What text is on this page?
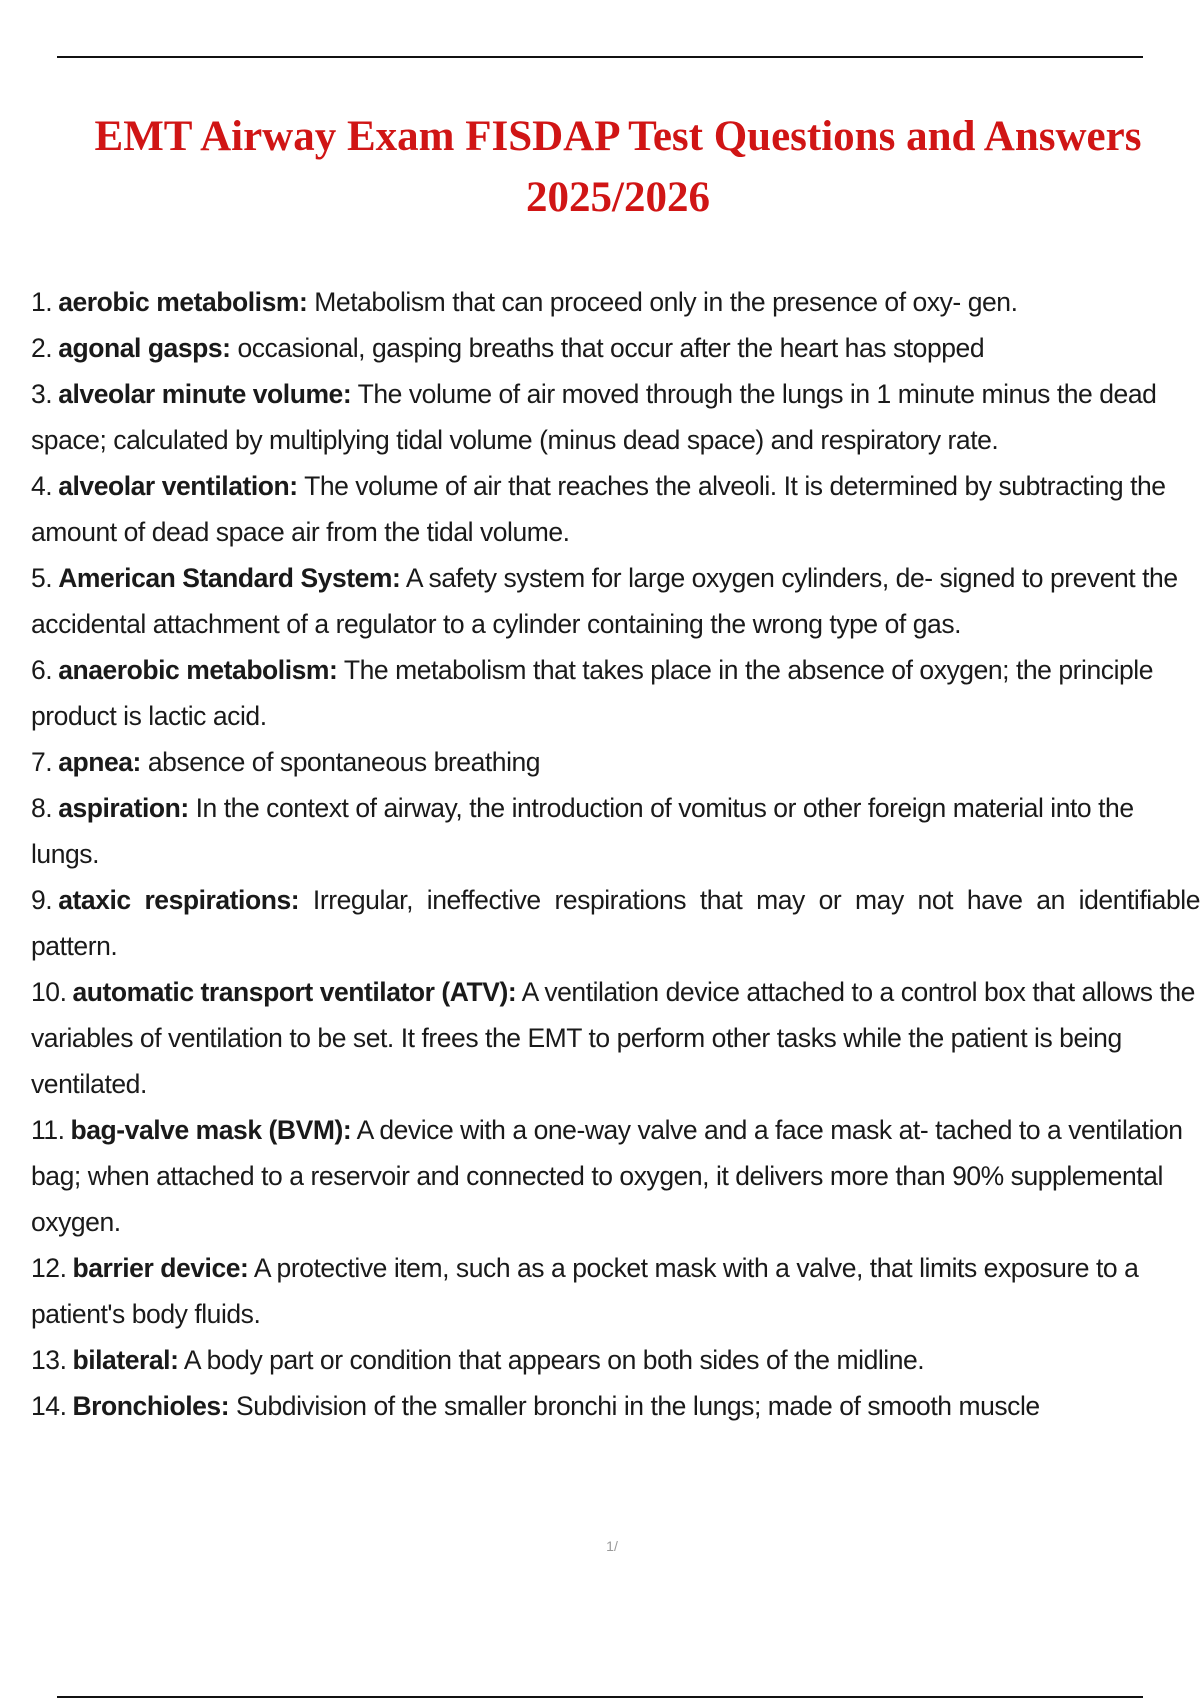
EMT Airway Exam FISDAP Test Questions and Answers
2025/2026
1. aerobic metabolism: Metabolism that can proceed only in the presence of oxy- gen.
2. agonal gasps: occasional, gasping breaths that occur after the heart has stopped
3. alveolar minute volume: The volume of air moved through the lungs in 1 minute minus the dead space; calculated by multiplying tidal volume (minus dead space) and respiratory rate.
4. alveolar ventilation: The volume of air that reaches the alveoli. It is determined by subtracting the amount of dead space air from the tidal volume.
5. American Standard System: A safety system for large oxygen cylinders, de- signed to prevent the accidental attachment of a regulator to a cylinder containing the wrong type of gas.
6. anaerobic metabolism: The metabolism that takes place in the absence of oxygen; the principle product is lactic acid.
7. apnea: absence of spontaneous breathing
8. aspiration: In the context of airway, the introduction of vomitus or other foreign material into the lungs.
9. ataxic respirations: Irregular, ineffective respirations that may or may not have an identifiable pattern.
10. automatic transport ventilator (ATV): A ventilation device attached to a control box that allows the variables of ventilation to be set. It frees the EMT to perform other tasks while the patient is being ventilated.
11. bag-valve mask (BVM): A device with a one-way valve and a face mask at- tached to a ventilation bag; when attached to a reservoir and connected to oxygen, it delivers more than 90% supplemental oxygen.
12. barrier device: A protective item, such as a pocket mask with a valve, that limits exposure to a patient's body fluids.
13. bilateral: A body part or condition that appears on both sides of the midline.
14. Bronchioles: Subdivision of the smaller bronchi in the lungs; made of smooth muscle
1/
